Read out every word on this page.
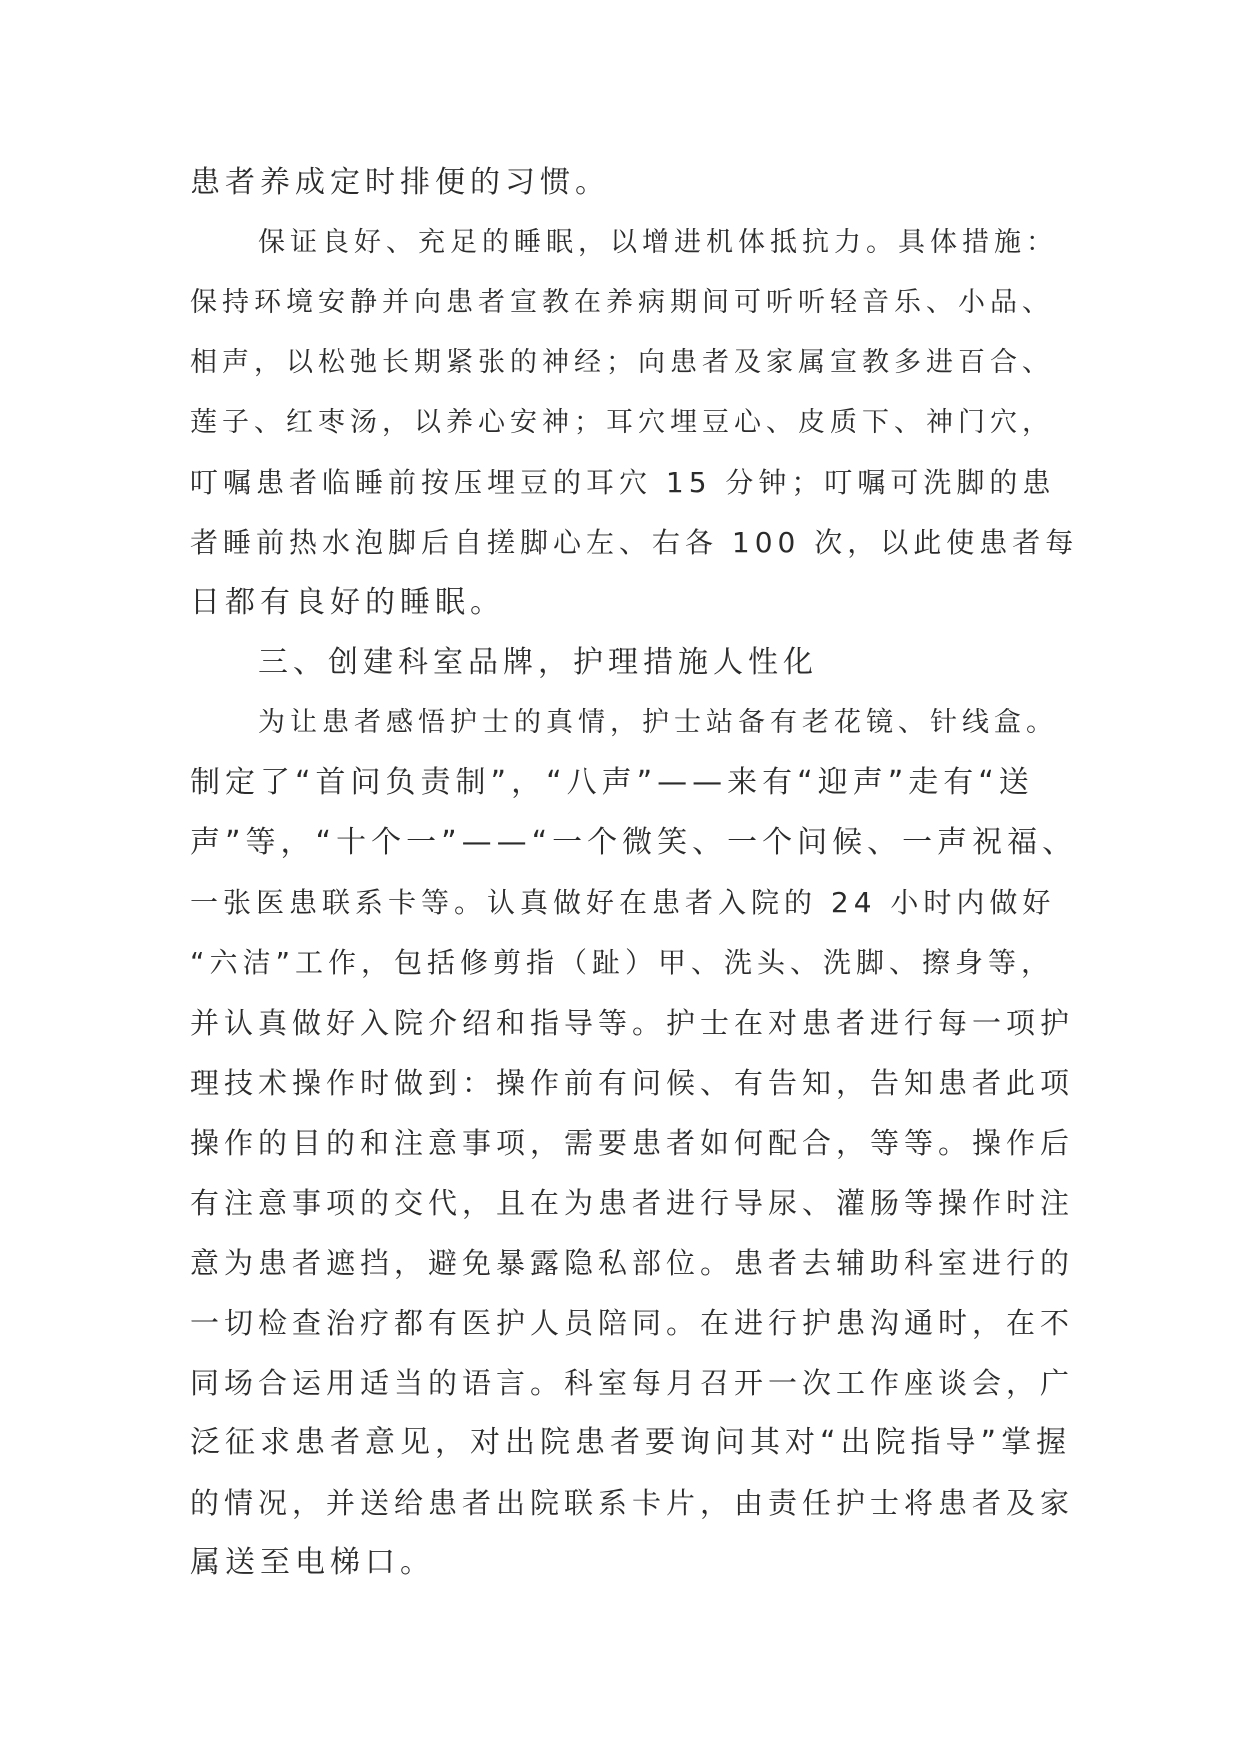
患者养成定时排便的习惯。
保证良好、充足的睡眠，以增进机体抵抗力。具体措施：
保持环境安静并向患者宣教在养病期间可听听轻音乐、小品、
相声，以松弛长期紧张的神经；向患者及家属宣教多进百合、
莲子、红枣汤，以养心安神；耳穴埋豆心、皮质下、神门穴，
叮嘱患者临睡前按压埋豆的耳穴 15 分钟；叮嘱可洗脚的患
者睡前热水泡脚后自搓脚心左、右各 100 次，以此使患者每
日都有良好的睡眠。
三、创建科室品牌，护理措施人性化
为让患者感悟护士的真情，护士站备有老花镜、针线盒。
制定了“首问负责制”，“八声”——来有“迎声”走有“送
声”等，“十个一”——“一个微笑、一个问候、一声祝福、
一张医患联系卡等。认真做好在患者入院的 24 小时内做好
“六洁”工作，包括修剪指（趾）甲、洗头、洗脚、擦身等，
并认真做好入院介绍和指导等。护士在对患者进行每一项护
理技术操作时做到：操作前有问候、有告知，告知患者此项
操作的目的和注意事项，需要患者如何配合，等等。操作后
有注意事项的交代，且在为患者进行导尿、灌肠等操作时注
意为患者遮挡，避免暴露隐私部位。患者去辅助科室进行的
一切检查治疗都有医护人员陪同。在进行护患沟通时，在不
同场合运用适当的语言。科室每月召开一次工作座谈会，广
泛征求患者意见，对出院患者要询问其对“出院指导”掌握
的情况，并送给患者出院联系卡片，由责任护士将患者及家
属送至电梯口。
